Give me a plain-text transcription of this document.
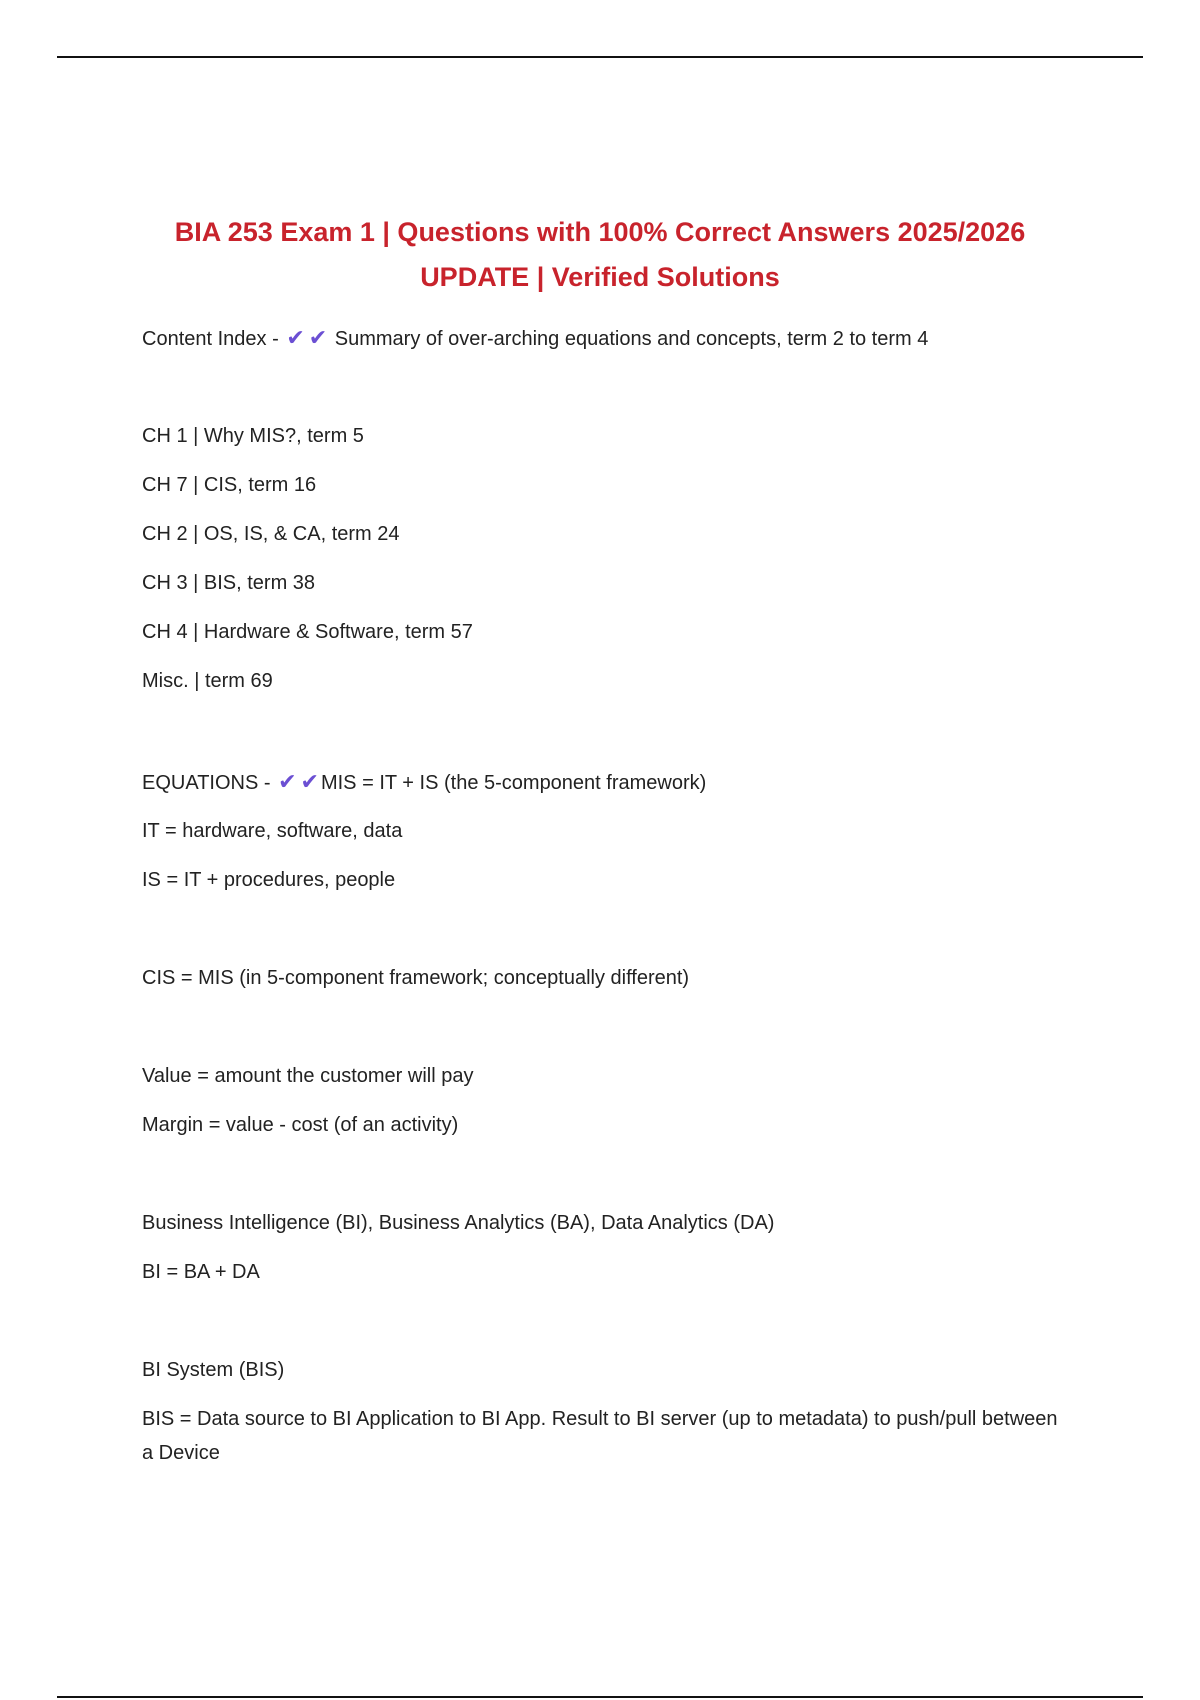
BIA 253 Exam 1 | Questions with 100% Correct Answers 2025/2026
UPDATE | Verified Solutions
Content Index - ✔ ✔ Summary of over-arching equations and concepts, term 2 to term 4
CH 1 | Why MIS?, term 5
CH 7 | CIS, term 16
CH 2 | OS, IS, & CA, term 24
CH 3 | BIS, term 38
CH 4 | Hardware & Software, term 57
Misc. | term 69
EQUATIONS - ✔ ✔ MIS = IT + IS (the 5-component framework)
IT = hardware, software, data
IS = IT + procedures, people
CIS = MIS (in 5-component framework; conceptually different)
Value = amount the customer will pay
Margin = value - cost (of an activity)
Business Intelligence (BI), Business Analytics (BA), Data Analytics (DA)
BI = BA + DA
BI System (BIS)
BIS = Data source to BI Application to BI App. Result to BI server (up to metadata) to push/pull between a Device
